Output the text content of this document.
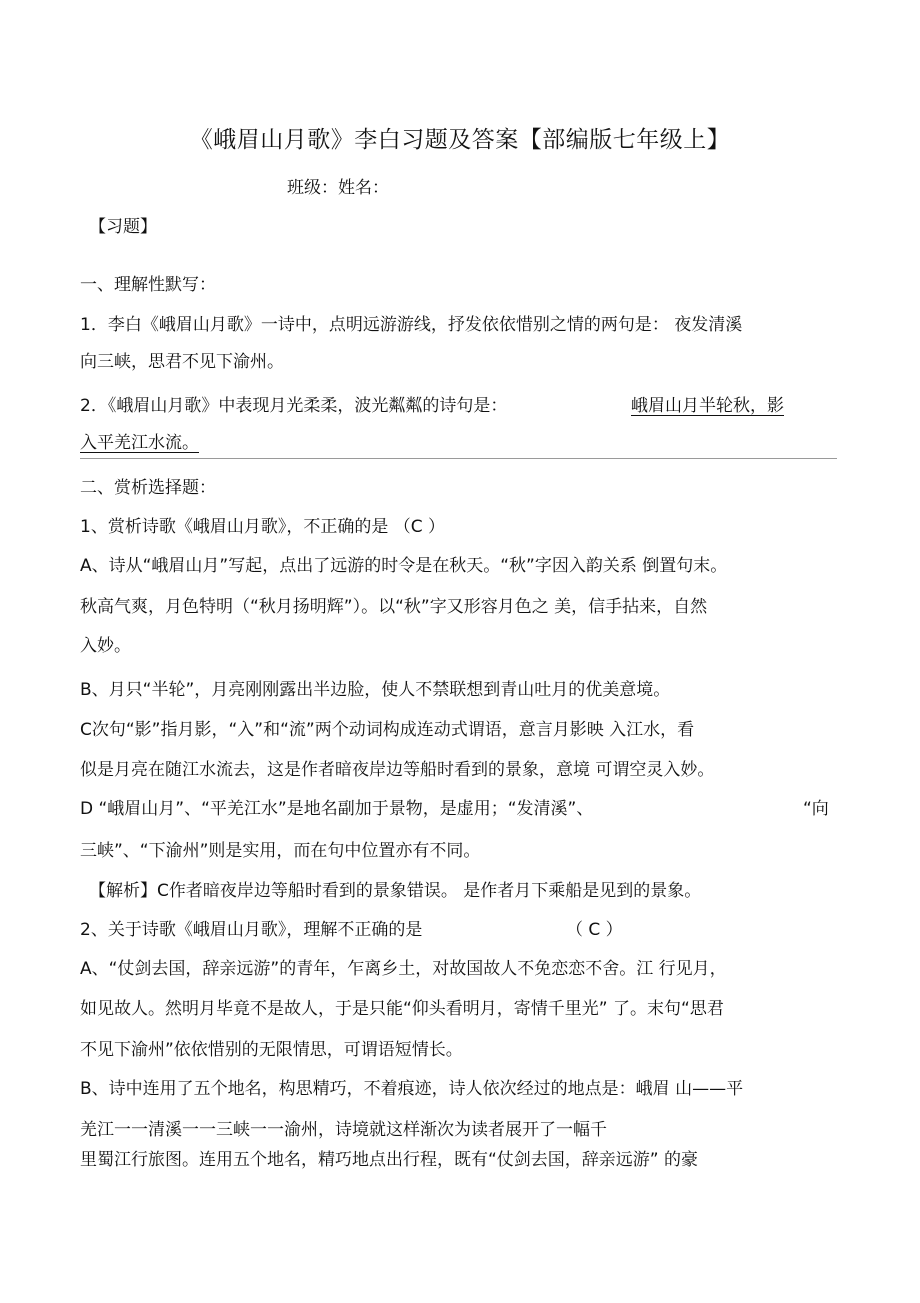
《峨眉山月歌》李白习题及答案【部编版七年级上】
班级：姓名：
【习题】
一、理解性默写：
1．李白《峨眉山月歌》一诗中，点明远游游线，抒发依依惜别之情的两句是： 夜发清溪
向三峡，思君不见下渝州。
2．《峨眉山月歌》中表现月光柔柔，波光粼粼的诗句是：	峨眉山月半轮秋，影
入平羌江水流。
二、赏析选择题：
1、赏析诗歌《峨眉山月歌》，不正确的是 （C ）
A、诗从“峨眉山月”写起，点出了远游的时令是在秋天。“秋”字因入韵关系 倒置句末。
秋高气爽，月色特明（“秋月扬明辉”）。以“秋”字又形容月色之 美，信手拈来，自然
入妙。
B、月只“半轮”，月亮刚刚露出半边脸，使人不禁联想到青山吐月的优美意境。
C次句“影”指月影，“入”和“流”两个动词构成连动式谓语，意言月影映 入江水，看
似是月亮在随江水流去，这是作者暗夜岸边等船时看到的景象，意境 可谓空灵入妙。
D “峨眉山月”、“平羌江水”是地名副加于景物，是虚用；“发清溪”、	“向
三峡”、“下渝州”则是实用，而在句中位置亦有不同。
【解析】C作者暗夜岸边等船时看到的景象错误。 是作者月下乘船是见到的景象。
2、关于诗歌《峨眉山月歌》，理解不正确的是	（ C ）
A、“仗剑去国，辞亲远游”的青年，乍离乡土，对故国故人不免恋恋不舍。江 行见月，
如见故人。然明月毕竟不是故人，于是只能“仰头看明月，寄情千里光” 了。末句“思君
不见下渝州”依依惜别的无限情思，可谓语短情长。
B、诗中连用了五个地名，构思精巧，不着痕迹，诗人依次经过的地点是：峨眉 山——平
羌江一一清溪一一三峡一一渝州，诗境就这样渐次为读者展开了一幅千
里蜀江行旅图。连用五个地名，精巧地点出行程，既有“仗剑去国，辞亲远游” 的豪
